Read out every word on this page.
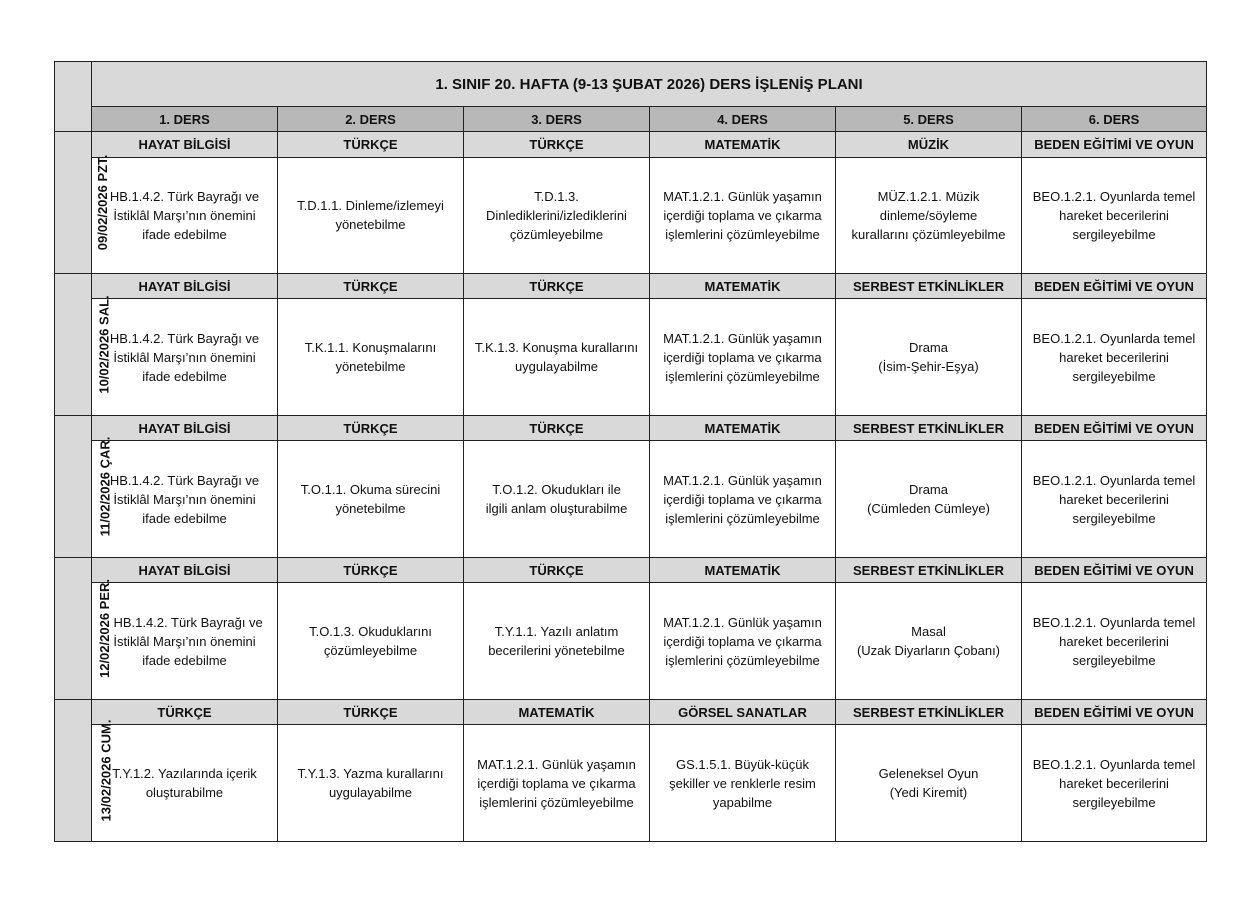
	1. SINIF 20. HAFTA (9-13 ŞUBAT 2026) DERS İŞLENİŞ PLANI					
	1. DERS	2. DERS	3. DERS	4. DERS	5. DERS	6. DERS
09/02/2026 PZT.	HAYAT BİLGİSİ	TÜRKÇE	TÜRKÇE	MATEMATİK	MÜZİK	BEDEN EĞİTİMİ VE OYUN
	HB.1.4.2. Türk Bayrağı ve
İstiklâl Marşı’nın önemini
ifade edebilme	T.D.1.1. Dinleme/izlemeyi
yönetebilme	T.D.1.3.
Dinlediklerini/izlediklerini
çözümleyebilme	MAT.1.2.1. Günlük yaşamın
içerdiği toplama ve çıkarma
işlemlerini çözümleyebilme	MÜZ.1.2.1. Müzik
dinleme/söyleme
kurallarını çözümleyebilme	BEO.1.2.1. Oyunlarda temel
hareket becerilerini
sergileyebilme
10/02/2026 SAL.	HAYAT BİLGİSİ	TÜRKÇE	TÜRKÇE	MATEMATİK	SERBEST ETKİNLİKLER	BEDEN EĞİTİMİ VE OYUN
	HB.1.4.2. Türk Bayrağı ve
İstiklâl Marşı’nın önemini
ifade edebilme	T.K.1.1. Konuşmalarını
yönetebilme	T.K.1.3. Konuşma kurallarını
uygulayabilme	MAT.1.2.1. Günlük yaşamın
içerdiği toplama ve çıkarma
işlemlerini çözümleyebilme	Drama
(İsim-Şehir-Eşya)	BEO.1.2.1. Oyunlarda temel
hareket becerilerini
sergileyebilme
11/02/2026 ÇAR.	HAYAT BİLGİSİ	TÜRKÇE	TÜRKÇE	MATEMATİK	SERBEST ETKİNLİKLER	BEDEN EĞİTİMİ VE OYUN
	HB.1.4.2. Türk Bayrağı ve
İstiklâl Marşı’nın önemini
ifade edebilme	T.O.1.1. Okuma sürecini
yönetebilme	T.O.1.2. Okudukları ile
ilgili anlam oluşturabilme	MAT.1.2.1. Günlük yaşamın
içerdiği toplama ve çıkarma
işlemlerini çözümleyebilme	Drama
(Cümleden Cümleye)	BEO.1.2.1. Oyunlarda temel
hareket becerilerini
sergileyebilme
12/02/2026 PER.	HAYAT BİLGİSİ	TÜRKÇE	TÜRKÇE	MATEMATİK	SERBEST ETKİNLİKLER	BEDEN EĞİTİMİ VE OYUN
	. HB.1.4.2. Türk Bayrağı ve
İstiklâl Marşı’nın önemini
ifade edebilme	T.O.1.3. Okuduklarını
çözümleyebilme	T.Y.1.1. Yazılı anlatım
becerilerini yönetebilme	MAT.1.2.1. Günlük yaşamın
içerdiği toplama ve çıkarma
işlemlerini çözümleyebilme	Masal
(Uzak Diyarların Çobanı)	BEO.1.2.1. Oyunlarda temel
hareket becerilerini
sergileyebilme
13/02/2026 CUM.	TÜRKÇE	TÜRKÇE	MATEMATİK	GÖRSEL SANATLAR	SERBEST ETKİNLİKLER	BEDEN EĞİTİMİ VE OYUN
	T.Y.1.2. Yazılarında içerik
oluşturabilme	T.Y.1.3. Yazma kurallarını
uygulayabilme	MAT.1.2.1. Günlük yaşamın
içerdiği toplama ve çıkarma
işlemlerini çözümleyebilme	GS.1.5.1. Büyük-küçük
şekiller ve renklerle resim
yapabilme	Geleneksel Oyun
(Yedi Kiremit)	BEO.1.2.1. Oyunlarda temel
hareket becerilerini
sergileyebilme
